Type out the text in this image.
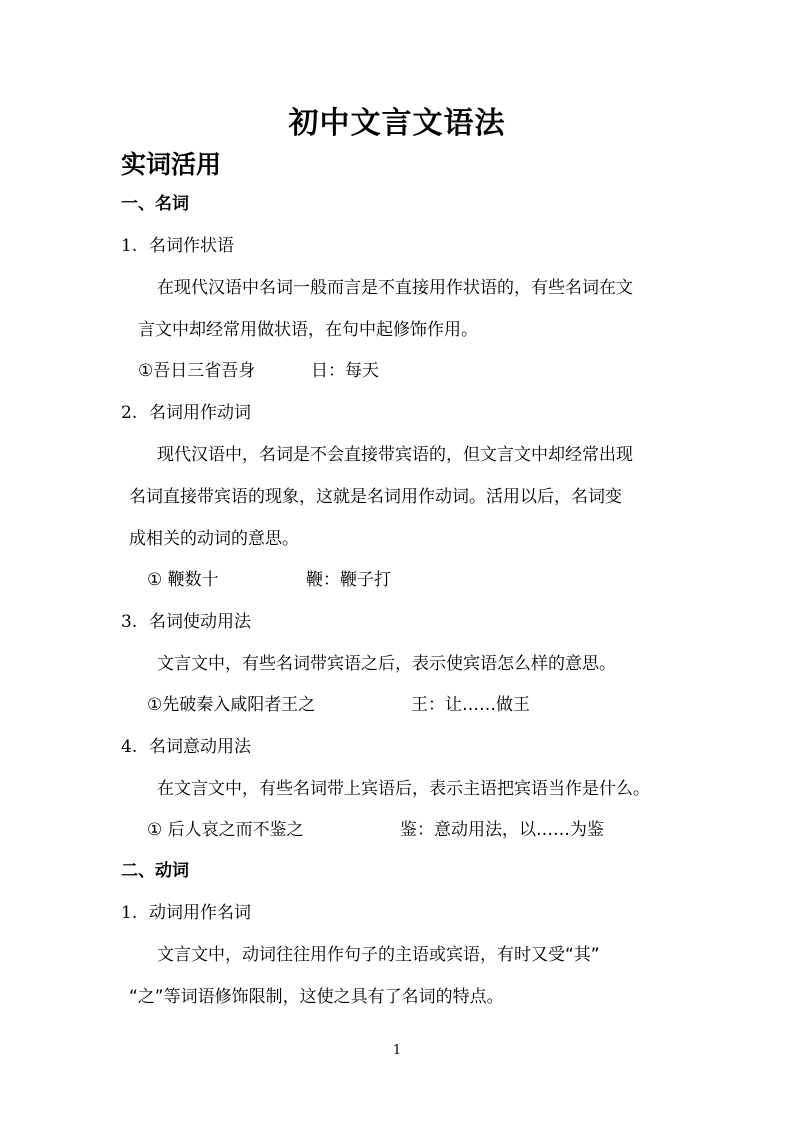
初中文言文语法
实词活用
一、名词
1. 名词作状语
在现代汉语中名词一般而言是不直接用作状语的，有些名词在文
言文中却经常用做状语，在句中起修饰作用。
①吾日三省吾身	日：每天
2. 名词用作动词
现代汉语中，名词是不会直接带宾语的，但文言文中却经常出现
名词直接带宾语的现象，这就是名词用作动词。活用以后，名词变
成相关的动词的意思。
① 鞭数十	鞭：鞭子打
3. 名词使动用法
文言文中，有些名词带宾语之后，表示使宾语怎么样的意思。
①先破秦入咸阳者王之	王：让……做王
4. 名词意动用法
在文言文中，有些名词带上宾语后，表示主语把宾语当作是什么。
① 后人哀之而不鉴之	鉴：意动用法，以……为鉴
二、动词
1. 动词用作名词
文言文中，动词往往用作句子的主语或宾语，有时又受“其”
“之”等词语修饰限制，这使之具有了名词的特点。
1
